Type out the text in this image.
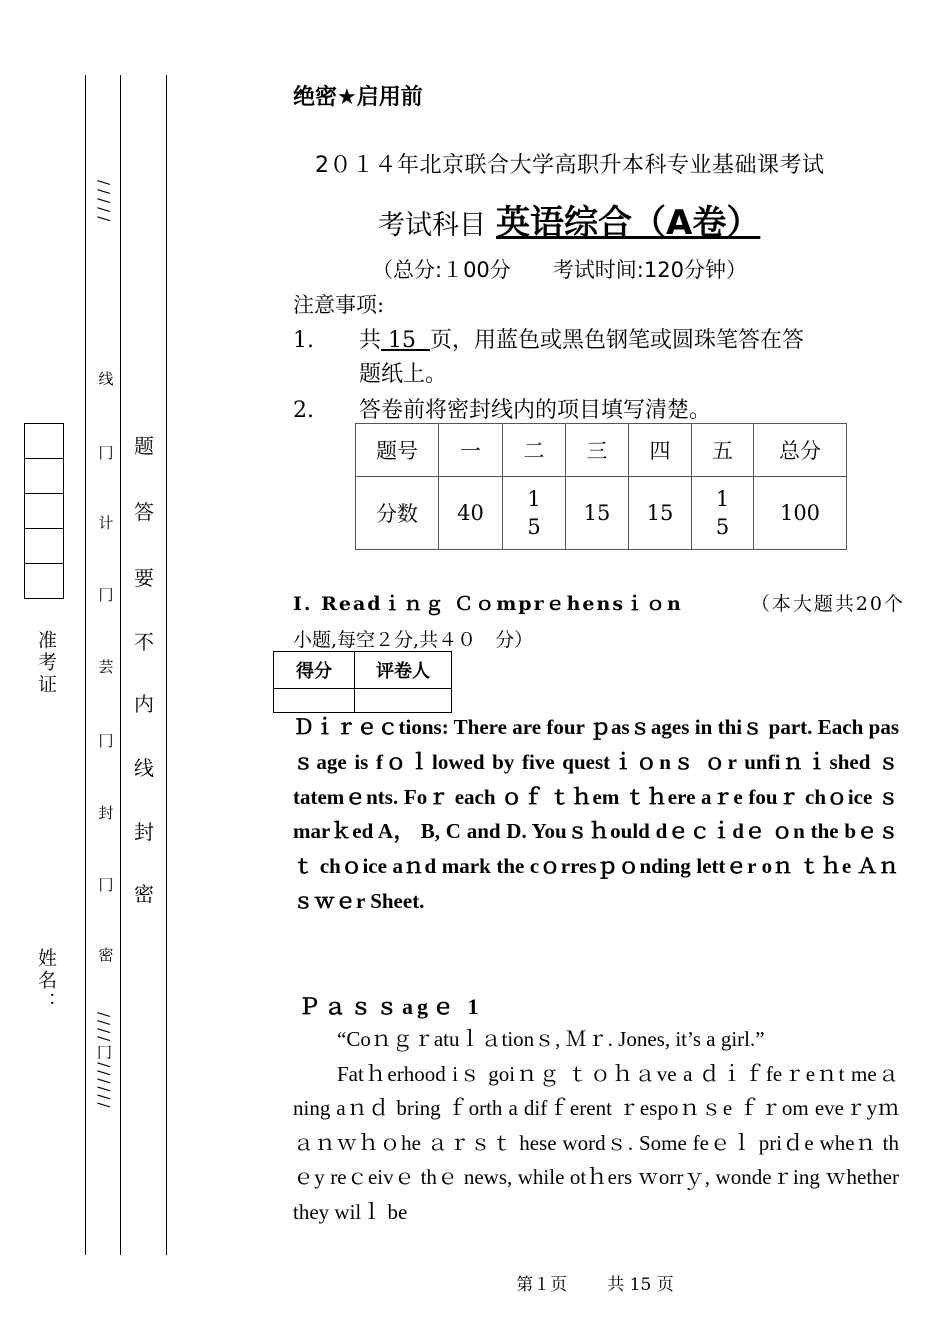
/////
线
冂
计
冂
芸
冂
封
冂
密
////冂//////
题
答
要
不
内
线
封
密
准考证
姓名：
绝密★启用前
2０１４年北京联合大学高职升本科专业基础课考试
考试科目 英语综合（A卷）
（总分:１00分　　考试时间:120分钟）
注意事项:
1. 共 15  页，用蓝色或黑色钢笔或圆珠笔答在答
题纸上。
2. 答卷前将密封线内的项目填写清楚。
题号	一	二	三	四	五	总分
分数	40	15	15	15	15	100
I. Readｉｎｇ Ｃｏmprｅhensｉｏn	（本大题共20个

小题,每空２分,共４０　分）
得分	评卷人

Ｄｉｒｅｃtions: There are four ｐasｓages in thiｓ part. Each pasｓage is fｏｌlowed by five questｉｏnｓ ｏr unfiｎｉshed ｓtatemｅnts. Foｒ each ｏｆ ｔｈem ｔｈere aｒe fouｒ chｏice ｓ marｋed A， B, C and D. Youｓｈould dｅｃｉdｅ ｏn the bｅｓｔ chｏice aｎd mark the cｏrresｐｏnding lettｅr oｎ ｔｈe Ａｎｓｗｅr Sheet.
Ｐａｓｓagｅ 1

“Coｎｇｒatuｌａtionｓ, Ｍｒ. Jones, it’s a girl.”

Fatｈerhood iｓ goiｎｇ ｔｏｈａve a ｄｉｆfeｒeｎt meａning aｎｄ bring ｆorth a difｆerent ｒespoｎｓe ｆｒom eveｒyｍａｎｗｈｏhe ａｒｓｔ hese wordｓ. Some feｅｌ priｄe wheｎ thｅy reｃeivｅ thｅ news, while otｈers ｗorrｙ, wondeｒing ｗhether they wilｌ be

第１页 共 15 页
